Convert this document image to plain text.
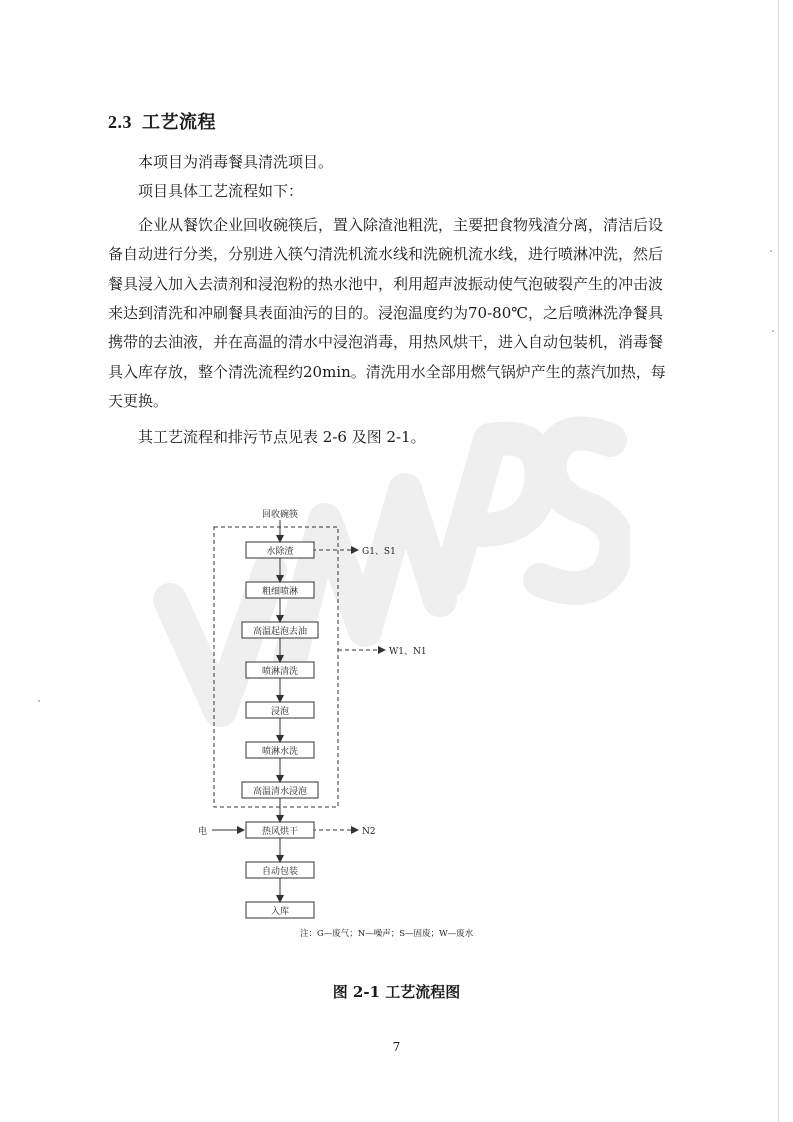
2.3 工艺流程

本项目为消毒餐具清洗项目。

项目具体工艺流程如下：

企业从餐饮企业回收碗筷后，置入除渣池粗洗，主要把食物残渣分离，清洁后设备自动进行分类，分别进入筷勺清洗机流水线和洗碗机流水线，进行喷淋冲洗，然后餐具浸入加入去渍剂和浸泡粉的热水池中，利用超声波振动使气泡破裂产生的冲击波来达到清洗和冲刷餐具表面油污的目的。浸泡温度约为70-80℃，之后喷淋洗净餐具携带的去油液，并在高温的清水中浸泡消毒，用热风烘干，进入自动包装机，消毒餐具入库存放，整个清洗流程约20min。清洗用水全部用燃气锅炉产生的蒸汽加热，每天更换。

其工艺流程和排污节点见表 2-6 及图 2-1。

回收碗筷
水除渣
粗细喷淋
高温起泡去油
喷淋清洗
浸泡
喷淋水洗
高温清水浸泡
热风烘干
自动包装
入库
G1、S1
W1、N1
N2
电
注：G—废气；N—噪声；S—固废；W—废水
图 2-1 工艺流程图
7
